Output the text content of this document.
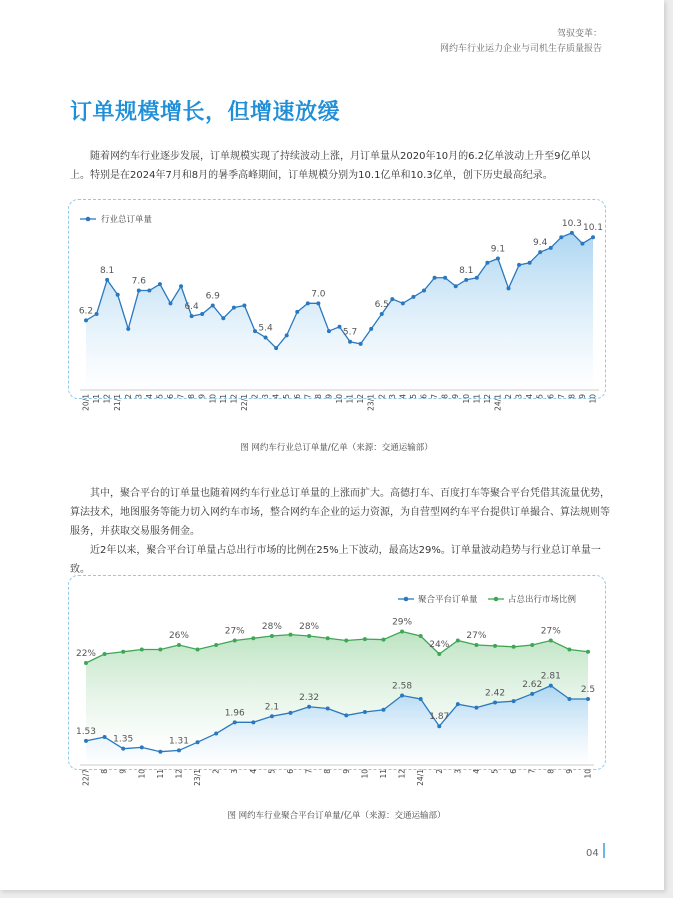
驾驭变革：
网约车行业运力企业与司机生存质量报告
订单规模增长，但增速放缓

随着网约车行业逐步发展，订单规模实现了持续波动上涨，月订单量从2020年10月的6.2亿单波动上升至9亿单以上。特别是在2024年7月和8月的暑季高峰期间，订单规模分别为10.1亿单和10.3亿单，创下历史最高纪录。

6.2
8.1
7.6
6.4
6.9
5.4
7.0
5.7
6.5
8.1
9.1
9.4
10.3 10.1
20/1 11 12 21/1 2 3 4 5 6 7 8 9 10 11 12 22/1 2 3 4 5 6 7 8 9 10 11 12 23/1 2 3 4 5 6 7 8 9 10 11 12 24/1 2 3 4 5 6 7 8 9 10
行业总订单量
图 网约车行业总订单量/亿单（来源：交通运输部）

其中，聚合平台的订单量也随着网约车行业总订单量的上涨而扩大。高德打车、百度打车等聚合平台凭借其流量优势，算法技术，地图服务等能力切入网约车市场，整合网约车企业的运力资源，为自营型网约车平台提供订单撮合、算法规则等服务，并获取交易服务佣金。

近2年以来，聚合平台订单量占总出行市场的比例在25%上下波动，最高达29%。订单量波动趋势与行业总订单量一致。

1.53
1.35	1.31
1.96
2.1
2.32
2.58
1.87
2.42
2.62
2.81
2.5
22%
26%	27% 28% 28%	29%
24%
27%	27%
22/7 8 9 10 11 12 23/1 2 3 4 5 6 7 8 9 10 11 12 24/1 2 3 4 5 6 7 8 9 10
聚合平台订单量	占总出行市场比例
图 网约车行业聚合平台订单量/亿单（来源：交通运输部）
04
